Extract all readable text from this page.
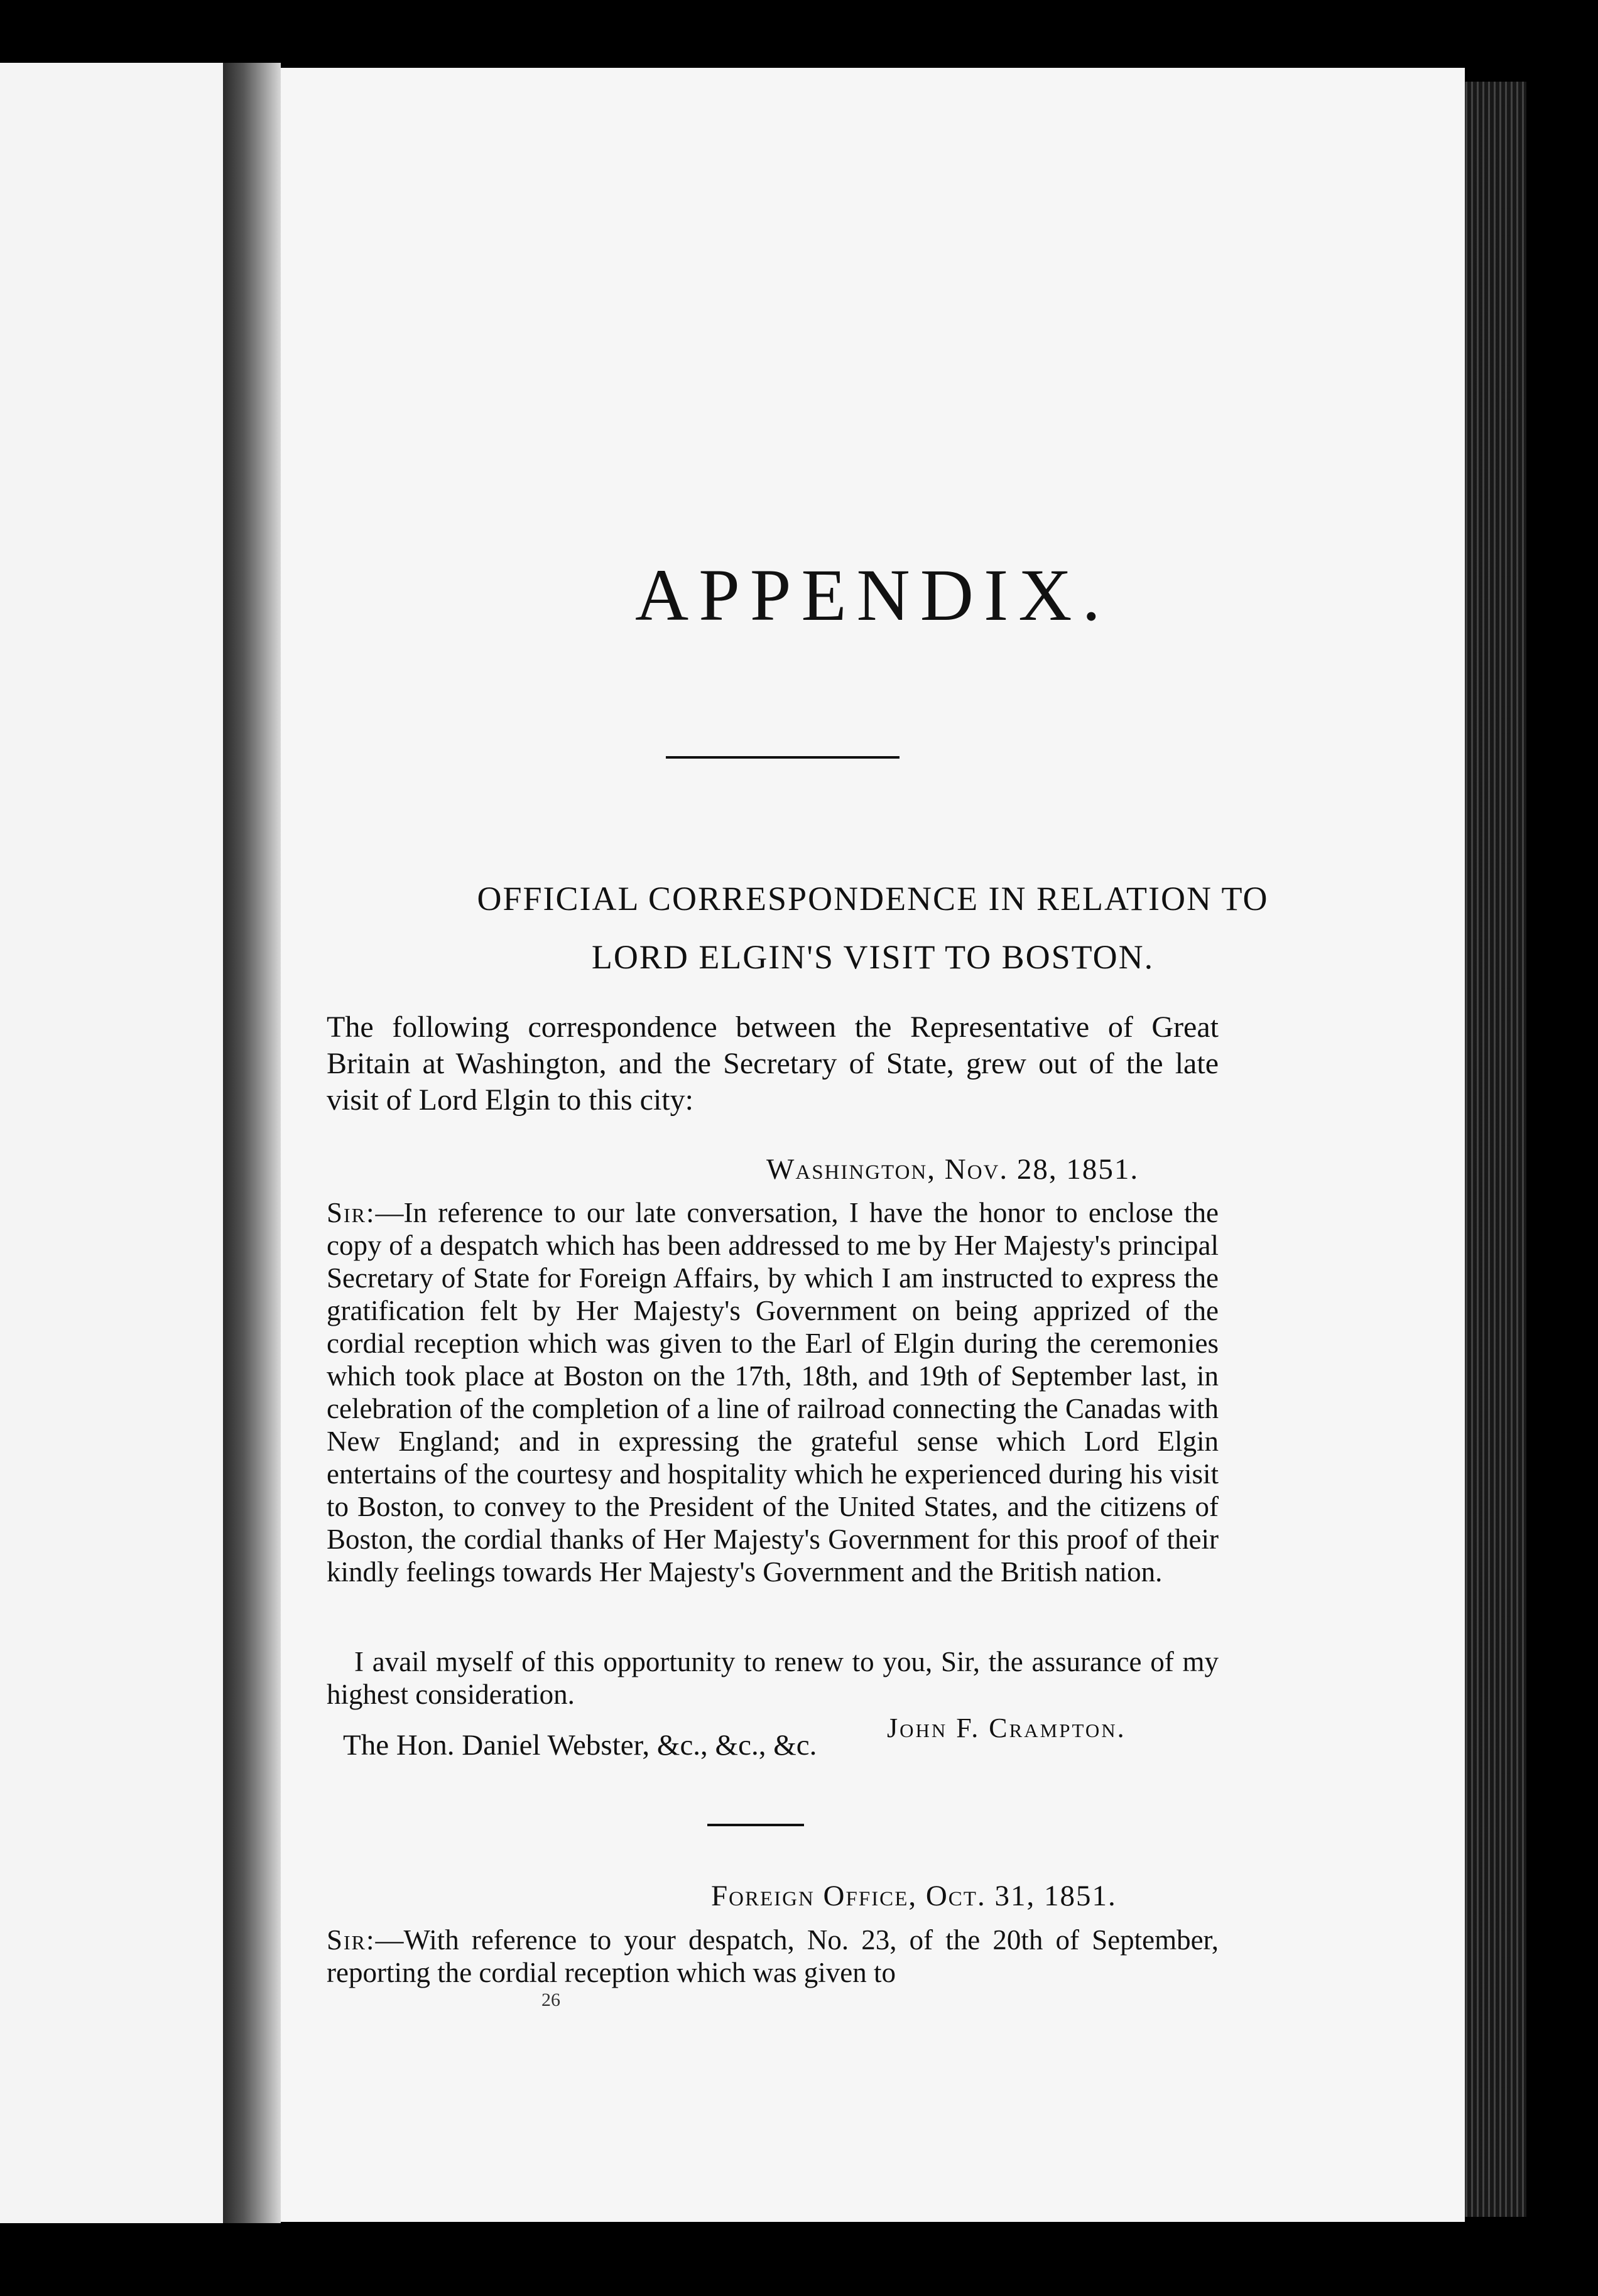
APPENDIX.
OFFICIAL CORRESPONDENCE IN RELATION TO
LORD ELGIN'S VISIT TO BOSTON.
The following correspondence between the Representative of Great Britain at Washington, and the Secretary of State, grew out of the late visit of Lord Elgin to this city:
Washington, Nov. 28, 1851.
Sir:—In reference to our late conversation, I have the honor to enclose the copy of a despatch which has been addressed to me by Her Majesty's principal Secretary of State for Foreign Affairs, by which I am instructed to express the gratification felt by Her Majesty's Government on being apprized of the cordial reception which was given to the Earl of Elgin during the ceremonies which took place at Boston on the 17th, 18th, and 19th of September last, in celebration of the completion of a line of railroad connecting the Canadas with New England; and in expressing the grateful sense which Lord Elgin entertains of the courtesy and hospitality which he experienced during his visit to Boston, to convey to the President of the United States, and the citizens of Boston, the cordial thanks of Her Majesty's Government for this proof of their kindly feelings towards Her Majesty's Government and the British nation.
I avail myself of this opportunity to renew to you, Sir, the assurance of my highest consideration.
John F. Crampton.
The Hon. Daniel Webster, &c., &c., &c.
Foreign Office, Oct. 31, 1851.
Sir:—With reference to your despatch, No. 23, of the 20th of September, reporting the cordial reception which was given to
26
